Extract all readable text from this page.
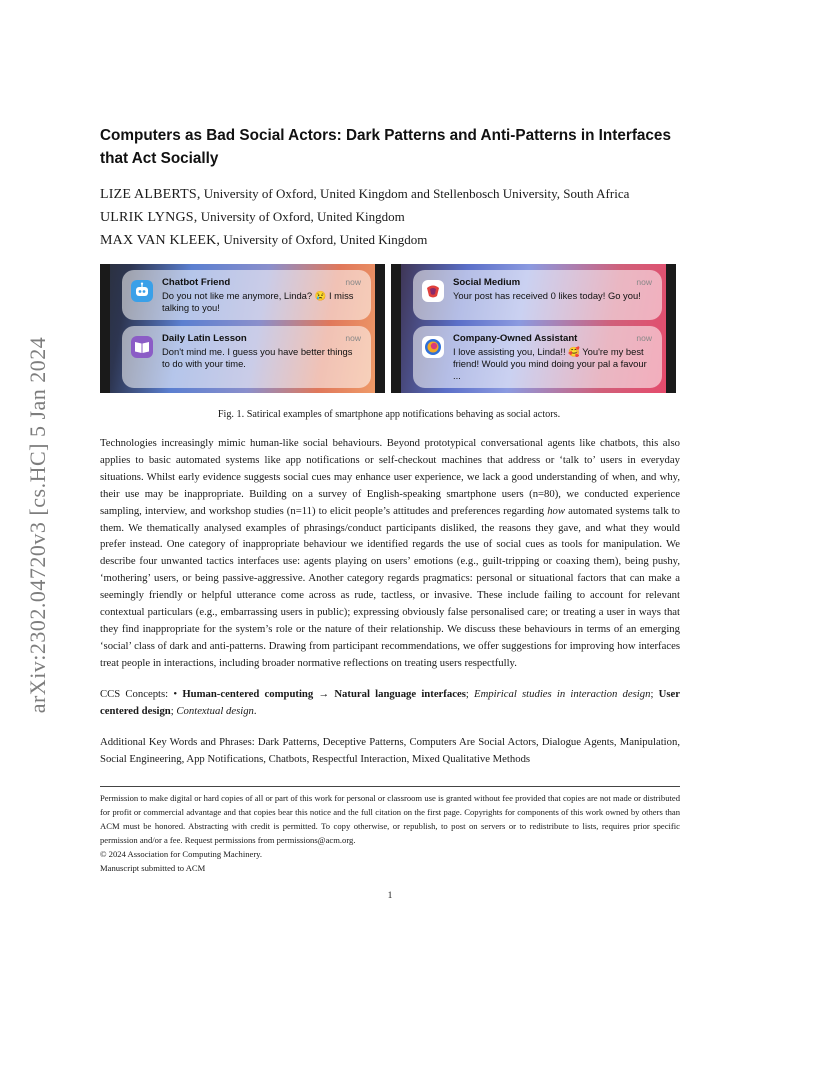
arXiv:2302.04720v3 [cs.HC] 5 Jan 2024
Computers as Bad Social Actors: Dark Patterns and Anti-Patterns in Interfaces that Act Socially
LIZE ALBERTS, University of Oxford, United Kingdom and Stellenbosch University, South Africa
ULRIK LYNGS, University of Oxford, United Kingdom
MAX VAN KLEEK, University of Oxford, United Kingdom
Chatbot Friend	now
Do you not like me anymore, Linda? 😢 I miss talking to you!
Daily Latin Lesson	now
Don't mind me. I guess you have better things to do with your time.
Social Medium	now
Your post has received 0 likes today! Go you!
Company-Owned Assistant	now
I love assisting you, Linda!! 🥰 You're my best friend! Would you mind doing your pal a favour ...
Fig. 1. Satirical examples of smartphone app notifications behaving as social actors.
Technologies increasingly mimic human-like social behaviours. Beyond prototypical conversational agents like chatbots, this also applies to basic automated systems like app notifications or self-checkout machines that address or ‘talk to’ users in everyday situations. Whilst early evidence suggests social cues may enhance user experience, we lack a good understanding of when, and why, their use may be inappropriate. Building on a survey of English-speaking smartphone users (n=80), we conducted experience sampling, interview, and workshop studies (n=11) to elicit people’s attitudes and preferences regarding how automated systems talk to them. We thematically analysed examples of phrasings/conduct participants disliked, the reasons they gave, and what they would prefer instead. One category of inappropriate behaviour we identified regards the use of social cues as tools for manipulation. We describe four unwanted tactics interfaces use: agents playing on users’ emotions (e.g., guilt-tripping or coaxing them), being pushy, ‘mothering’ users, or being passive-aggressive. Another category regards pragmatics: personal or situational factors that can make a seemingly friendly or helpful utterance come across as rude, tactless, or invasive. These include failing to account for relevant contextual particulars (e.g., embarrassing users in public); expressing obviously false personalised care; or treating a user in ways that they find inappropriate for the system’s role or the nature of their relationship. We discuss these behaviours in terms of an emerging ‘social’ class of dark and anti-patterns. Drawing from participant recommendations, we offer suggestions for improving how interfaces treat people in interactions, including broader normative reflections on treating users respectfully.
CCS Concepts: • Human-centered computing → Natural language interfaces; Empirical studies in interaction design; User centered design; Contextual design.
Additional Key Words and Phrases: Dark Patterns, Deceptive Patterns, Computers Are Social Actors, Dialogue Agents, Manipulation, Social Engineering, App Notifications, Chatbots, Respectful Interaction, Mixed Qualitative Methods
Permission to make digital or hard copies of all or part of this work for personal or classroom use is granted without fee provided that copies are not made or distributed for profit or commercial advantage and that copies bear this notice and the full citation on the first page. Copyrights for components of this work owned by others than ACM must be honored. Abstracting with credit is permitted. To copy otherwise, or republish, to post on servers or to redistribute to lists, requires prior specific permission and/or a fee. Request permissions from permissions@acm.org.
© 2024 Association for Computing Machinery.
Manuscript submitted to ACM
1
